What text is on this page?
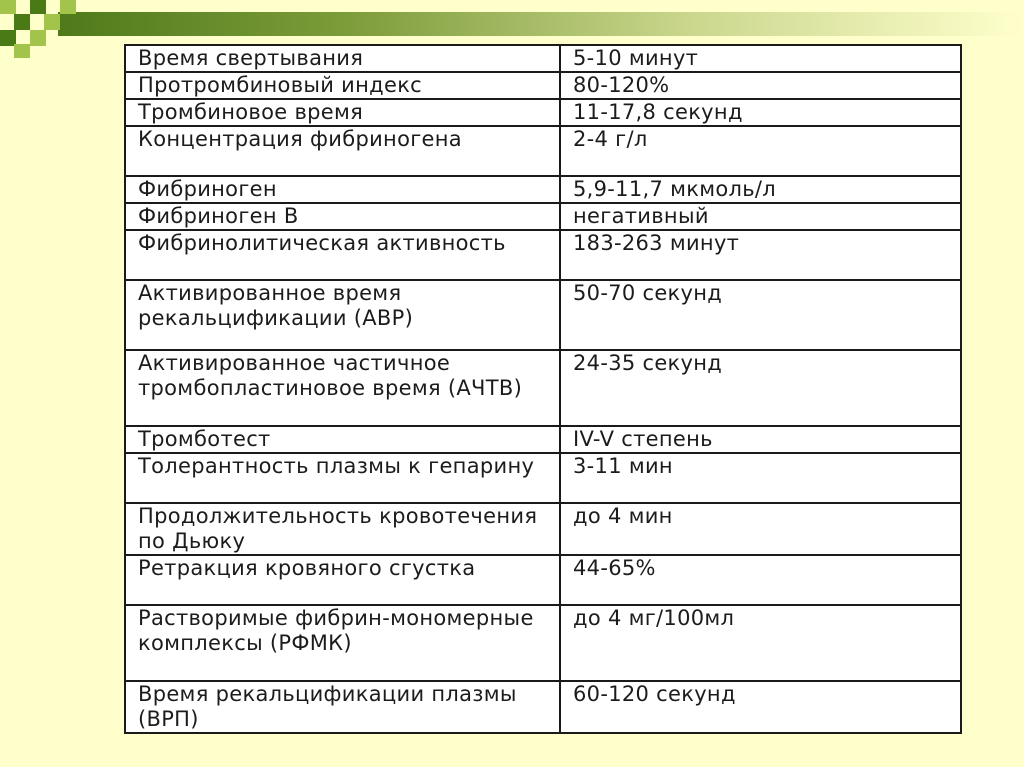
Время свертывания	5-10 минут
Протромбиновый индекс	80-120%
Тромбиновое время	11-17,8 секунд
Концентрация фибриногена	2-4 г/л
Фибриноген	5,9-11,7 мкмоль/л
Фибриноген В	негативный
Фибринолитическая активность	183-263 минут
Активированное время рекальцификации (АВР)	50-70 секунд
Активированное частичное тромбопластиновое время (АЧТВ)	24-35 секунд
Тромботест	IV-V степень
Толерантность плазмы к гепарину	3-11 мин
Продолжительность кровотечения по Дьюку	до 4 мин
Ретракция кровяного сгустка	44-65%
Растворимые фибрин-мономерные комплексы (РФМК)	до 4 мг/100мл
Время рекальцификации плазмы (ВРП)	60-120 секунд
